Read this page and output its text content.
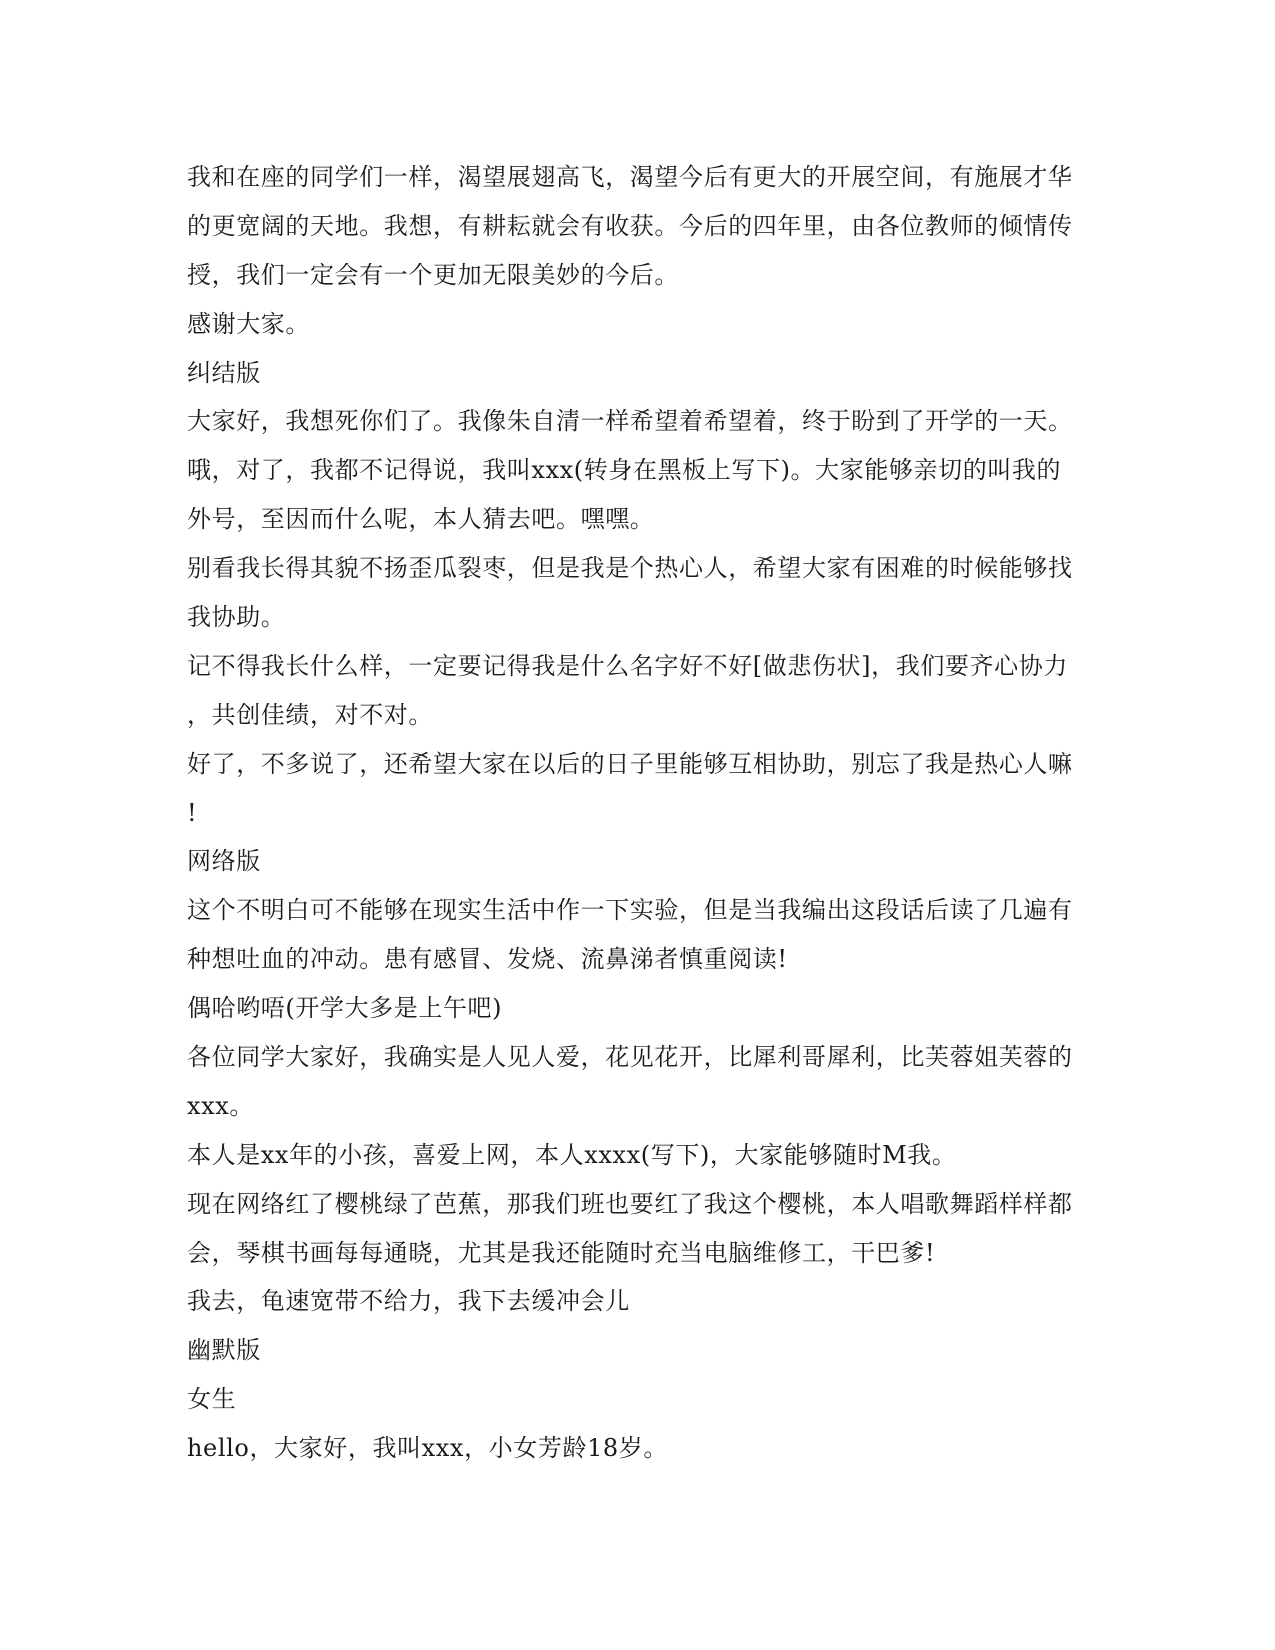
我和在座的同学们一样，渴望展翅高飞，渴望今后有更大的开展空间，有施展才华
的更宽阔的天地。我想，有耕耘就会有收获。今后的四年里，由各位教师的倾情传
授，我们一定会有一个更加无限美妙的今后。
感谢大家。
纠结版
大家好，我想死你们了。我像朱自清一样希望着希望着，终于盼到了开学的一天。
哦，对了，我都不记得说，我叫xxx(转身在黑板上写下)。大家能够亲切的叫我的
外号，至因而什么呢，本人猜去吧。嘿嘿。
别看我长得其貌不扬歪瓜裂枣，但是我是个热心人，希望大家有困难的时候能够找
我协助。
记不得我长什么样，一定要记得我是什么名字好不好[做悲伤状]，我们要齐心协力
，共创佳绩，对不对。
好了，不多说了，还希望大家在以后的日子里能够互相协助，别忘了我是热心人嘛
!
网络版
这个不明白可不能够在现实生活中作一下实验，但是当我编出这段话后读了几遍有
种想吐血的冲动。患有感冒、发烧、流鼻涕者慎重阅读!
偶哈哟唔(开学大多是上午吧)
各位同学大家好，我确实是人见人爱，花见花开，比犀利哥犀利，比芙蓉姐芙蓉的
xxx。
本人是xx年的小孩，喜爱上网，本人xxxx(写下)，大家能够随时M我。
现在网络红了樱桃绿了芭蕉，那我们班也要红了我这个樱桃，本人唱歌舞蹈样样都
会，琴棋书画每每通晓，尤其是我还能随时充当电脑维修工，干巴爹!
我去，龟速宽带不给力，我下去缓冲会儿
幽默版
女生
hello，大家好，我叫xxx，小女芳龄18岁。
